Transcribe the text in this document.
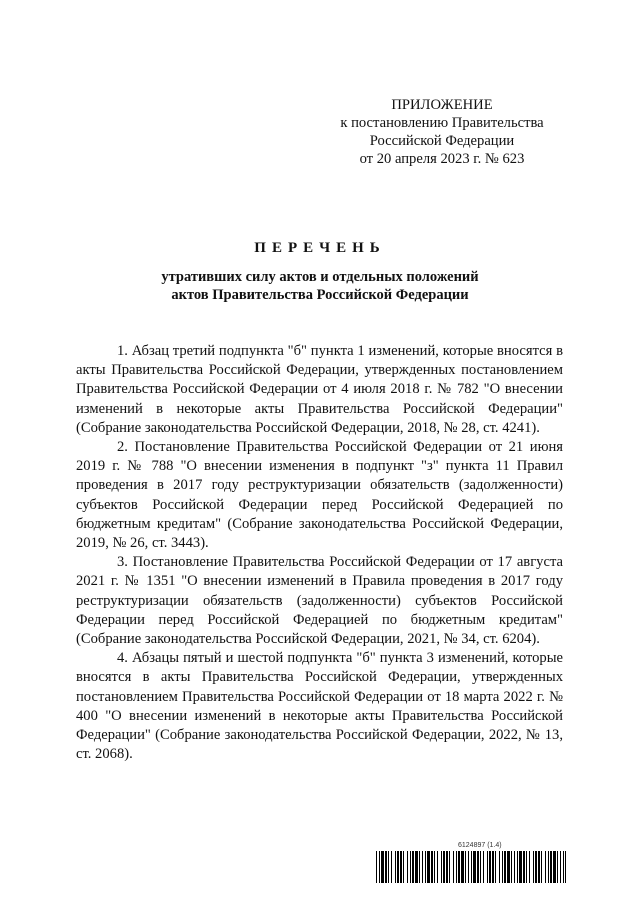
ПРИЛОЖЕНИЕ
к постановлению Правительства
Российской Федерации
от 20 апреля 2023 г. № 623
ПЕРЕЧЕНЬ
утративших силу актов и отдельных положений
актов Правительства Российской Федерации

1. Абзац третий подпункта "б" пункта 1 изменений, которые вносятся в акты Правительства Российской Федерации, утвержденных постановлением Правительства Российской Федерации от 4 июля 2018 г. № 782 "О внесении изменений в некоторые акты Правительства Российской Федерации" (Собрание законодательства Российской Федерации, 2018, № 28, ст. 4241).

2. Постановление Правительства Российской Федерации от 21 июня 2019 г. № 788 "О внесении изменения в подпункт "з" пункта 11 Правил проведения в 2017 году реструктуризации обязательств (задолженности) субъектов Российской Федерации перед Российской Федерацией по бюджетным кредитам" (Собрание законодательства Российской Федерации, 2019, № 26, ст. 3443).

3. Постановление Правительства Российской Федерации от 17 августа 2021 г. № 1351 "О внесении изменений в Правила проведения в 2017 году реструктуризации обязательств (задолженности) субъектов Российской Федерации перед Российской Федерацией по бюджетным кредитам" (Собрание законодательства Российской Федерации, 2021, № 34, ст. 6204).

4. Абзацы пятый и шестой подпункта "б" пункта 3 изменений, которые вносятся в акты Правительства Российской Федерации, утвержденных постановлением Правительства Российской Федерации от 18 марта 2022 г. № 400 "О внесении изменений в некоторые акты Правительства Российской Федерации" (Собрание законодательства Российской Федерации, 2022, № 13, ст. 2068).

6124897 (1.4)
